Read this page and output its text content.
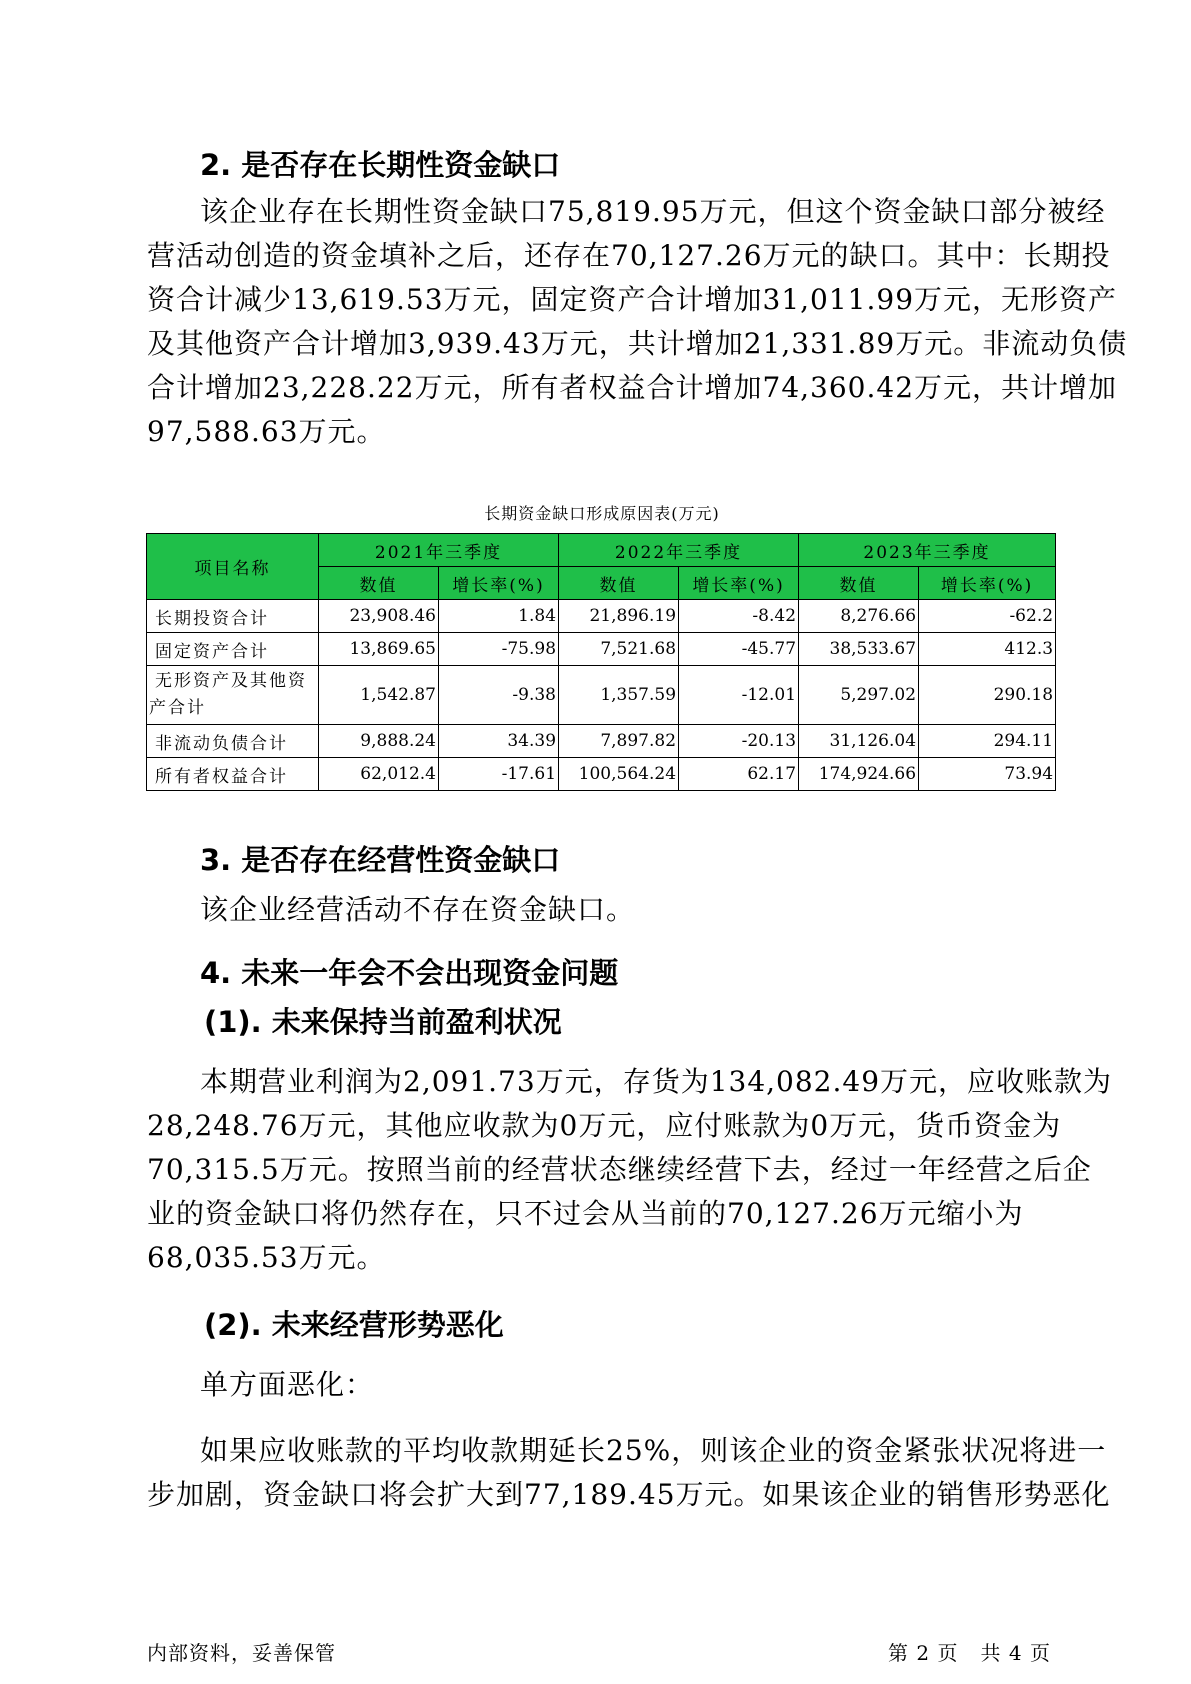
2. 是否存在长期性资金缺口
该企业存在长期性资金缺口75,819.95万元，但这个资金缺口部分被经
营活动创造的资金填补之后，还存在70,127.26万元的缺口。其中：长期投
资合计减少13,619.53万元，固定资产合计增加31,011.99万元，无形资产
及其他资产合计增加3,939.43万元，共计增加21,331.89万元。非流动负债
合计增加23,228.22万元，所有者权益合计增加74,360.42万元，共计增加
97,588.63万元。
长期资金缺口形成原因表(万元)
项目名称	2021年三季度		2022年三季度		2023年三季度	
	数值	增长率(%)	数值	增长率(%)	数值	增长率(%)
长期投资合计	23,908.46	1.84	21,896.19	-8.42	8,276.66	-62.2
固定资产合计	13,869.65	-75.98	7,521.68	-45.77	38,533.67	412.3

无形资产及其他资
产合计	1,542.87	-9.38	1,357.59	-12.01	5,297.02	290.18
非流动负债合计	9,888.24	34.39	7,897.82	-20.13	31,126.04	294.11
所有者权益合计	62,012.4	-17.61	100,564.24	62.17	174,924.66	73.94
3. 是否存在经营性资金缺口
该企业经营活动不存在资金缺口。
4. 未来一年会不会出现资金问题
(1). 未来保持当前盈利状况
本期营业利润为2,091.73万元，存货为134,082.49万元，应收账款为
28,248.76万元，其他应收款为0万元，应付账款为0万元，货币资金为
70,315.5万元。按照当前的经营状态继续经营下去，经过一年经营之后企
业的资金缺口将仍然存在，只不过会从当前的70,127.26万元缩小为
68,035.53万元。
(2). 未来经营形势恶化
单方面恶化：
如果应收账款的平均收款期延长25%，则该企业的资金紧张状况将进一
步加剧，资金缺口将会扩大到77,189.45万元。如果该企业的销售形势恶化
内部资料，妥善保管	第 2 页   共 4 页
